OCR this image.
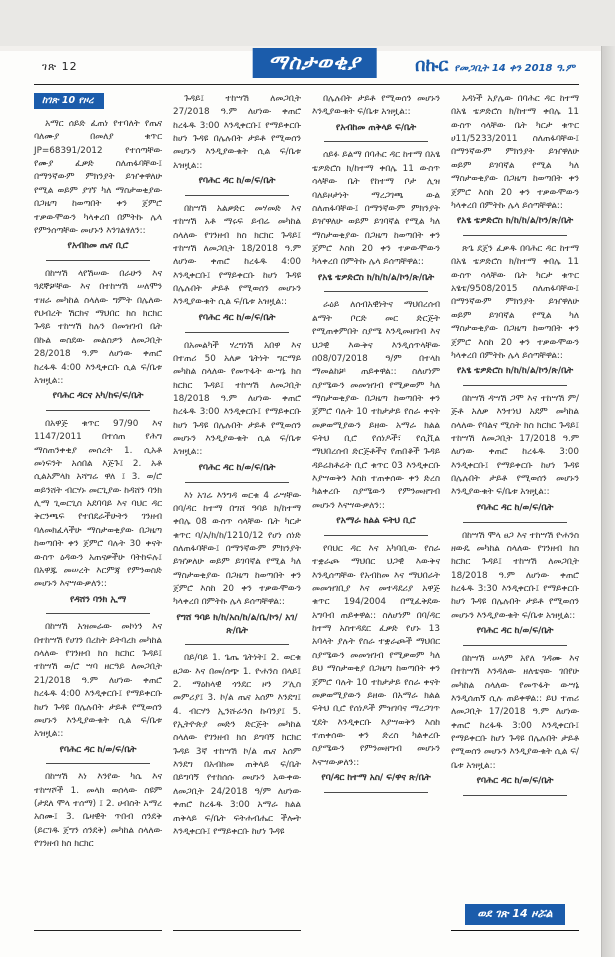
ገጽ 12	ማስታወቂያ	በኩር የመጋቢት 14 ቀን 2018 ዓ.ም
ከገጽ 10 የዞረ

አማር ሰይድ ፈጠነ የተባለት የጤና ባለሙያ በመለያ ቁጥር JP=68391/2012 የተሰጣቸው የሙያ ፈቃድ ስለጠፋባቸው፤ በማንኛውም ምክንያት ይዠቀዋለሁ የሚል ወይም ያገኘ ካለ ማስታወቂያው በጋዜጣ ከወጣበት ቀን ጀምሮ ተቃውሞውን ካላቀረበ በምትኩ ሌላ የምንሰጣቸው መሆኑን እንገልፃለን::

የአብከመ ጤና ቢሮ

በከሣሽ ላየሽሠው በራሁን እና ጓደኞቻቸው እና በተከሣሽ ሠለሞን ተዘራ መካከል ስላለው ግምት በሌለው የህብረት ሽርክና ማህበር ክስ ክርክር ጉዳይ ተከሣሽ ከሉን በመዝገብ ቤት በኩል ወስደው መልስዎን ለመጋቢት 28/2018 ዓ.ም ለሆነው ቀጠሮ ከረፋዱ 4:00 እንዲቀርቡ ሲል ፍ/ቤቱ አዝዟል::

የባሕር ዳርና አካ/ከፍ/ፍ/ቤት

በአዋጅ ቁጥር 97/90 እና 1147/2011 በተሰጠ የሕግ ማስጠንቀቂያ መሰረት 1. ሲአቶ መነፍንት አሰበል እጅጉ፤ 2. አቶ ሲልአምላክ አሻግሬ ዋለ ፤ 3. ወ/ሮ ወይንሸት ብርሃኑ መርጊያው ከዳሸን ባንክ ሊማ ጊወርጊስ አደባባይ እና ባህር ዳር ቅርንጫፍ የተበደራችሁትን ገንዘብ ባለመክፈላችሁ ማስታወቂያው በጋዜጣ ከወጣበት ቀን ጀምሮ ባሉት 30 ቀናት ውስጥ ዕዳውን አጠናቃችሁ ባትከፍሉ፤ በአዋጁ መሠረት እርምጃ የምንወስድ መሆኑን እናሣውቃለን::

የዳሸን ባንክ ኢማ

በከሣሽ አዝመራው መኮነን እና በተከሣሽ የሀገን በረከት ይትባረክ መካከል ስላለው የገንዘብ ክስ ክርክር ጉዳይ፤ ተከሣሽ ወ/ሮ ሣባ ዘርዓይ ለመጋቢት 21/2018 ዓ.ም ለሆነው ቀጠሮ ከረፋዱ 4:00 እንዲቀርቡ፤ የማይቀርቡ ከሆነ ጉዳዩ በሌሉበት ታይቶ የሚወሰን መሆኑን እንዲያውቁት ሲል ፍ/ቤቱ አዝዟል::

የባሕር ዳር ከ/ወ/ፍ/ቤት

በከሣሽ እነ እንየው ካሴ እና ተከሣሾች 1. መላክ ወሰላው ስዩም (ታደለ ሞላ ተሰማ) ፤ 2. ሀብስት አማረ አስሙ፤ 3. ቤዛዊት ጥበብ ሰንደቅ (ይርገዱ ጀግን ሰንደቅ) መካከል ስላለው የገንዘብ ክስ ክርክር

ጉዳይ፤ ተከሣሽ ለመጋቢት 27/2018 ዓ.ም ለሆነው ቀጠሮ ከረፋዱ 3:00 እንዲቀርቡ፤ የማይቀርቡ ከሆነ ጉዳዩ በሌሉበት ታይቶ የሚወሰን መሆኑን እንዲያውቁት ሲል ፍ/ቤቱ አዝዟል::

የባሕር ዳር ከ/ወ/ፍ/ቤት

በከሣሽ አልቃድር መሃመድ እና ተከሣሽ አቶ ማሩፍ ይብሬ መካከል ስላለው የገንዘብ ክስ ክርክር ጉዳይ፤ ተከሣሽ ለመጋቢት 18/2018 ዓ.ም ለሆነው ቀጠሮ ከረፋዱ 4:00 እንዲቀርቡ፤ የማይቀርቡ ከሆነ ጉዳዩ በሌሉበት ታይቶ የሚወሰን መሆኑን እንዲያውቁት ሲል ፍ/ቤቱ አዝዟል::

የባሕር ዳር ከ/ወ/ፍ/ቤት

በአመልካች ሃረግነሽ አበዋ እና በተጠሪ 50 አለቃ ጌትነት ግርማይ መካከል ስላለው የመጥፋት ውሣኔ ክስ ክርክር ጉዳይ፤ ተከሣሽ ለመጋቢት 18/2018 ዓ.ም ለሆነው ቀጠሮ ከረፋዱ 3:00 እንዲቀርቡ፤ የማይቀርቡ ከሆነ ጉዳዩ በሌሉበት ታይቶ የሚወሰን መሆኑን እንዲያውቁት ሲል ፍ/ቤቱ አዝዟል::

የባሕር ዳር ከ/ወ/ፍ/ቤት

እነ አገሬ እንግዳ ወርቁ 4 ራሣቸው በባ/ዳር ከተማ በግሸ ዓባይ ክ/ከተማ ቀበሌ 08 ውስጥ ሳላቸው ቤት ካርታ ቁጥር ባ/አ/ክ/ከ/1210/12 የሆነ ሰነድ ስለጠፋባቸው፤ በማንኛውም ምክንያት ይዠቃለሁ ወይም ይገባኛል የሚል ካለ ማስታወቂያው በጋዜጣ ከወጣበት ቀን ጀምሮ እስከ 20 ቀን ተቃውሞውን ካላቀረበ በምትኩ ሌላ ይሰጣቸዋል::

የግሸ ዓባይ ክ/ከ/አስ/ከ/ል/ቤ/ኮን/ አገ/ጽ/ቤት

በይ/ባይ 1. ጌጤ ጌትነት፤ 2. ወርቁ ፀጋው እና በመ/ሰጭ 1. ዮሐንስ በላይ፤ 2. ማዕከላዊ ጎንደር ዞን ፖሊስ መምሪያ፤ 3. ኮ/ል ጤና አሰም እንደግ፤ 4. ብርሃን ኢንሹራንስ ኩባንያ፤ 5. የኢትዮጵያ መድን ድርጅት መካከል ስላለው የገንዘብ ክስ ይግባኝ ክርክር ጉዳይ 3ኛ ተከሣሽ ኮ/ል ጤና አሰም እንደግ በአብከመ ጠቅላይ ፍ/ቤት በይግባኝ የተከሰሱ መሆኑን አውቀው ለመጋቢት 24/2018 ዓ/ም ለሆነው ቀጠሮ ከረፋዱ 3:00 አማራ ክልል ጠቅላይ ፍ/ቤት ፍትሐብሔር ችሎት እንዲቀርቡ፤ የማይቀርቡ ከሆነ ጉዳዩ

በሌሉበት ታይቶ የሚወሰን መሆኑን እንዲያውቁት ፍ/ቤቱ አዝዟል::

የአብከመ ጠቅላይ ፍ/ቤት

ሰይፉ ይልማ በባሕር ዳር ከተማ በአፄ ቴዎድሮስ ክ/ከተማ ቀበሌ 11 ውስጥ ሳላቸው ቤት የከተማ ቦታ ሊዝ ባለይዞታነት ማረጋገጫ ውል ስለጠፋባቸው፤ በማንኛውም ምክንያት ይዠዋለሁ ወይም ይገባኛል የሚል ካለ ማስታወቂያው በጋዜጣ ከወጣበት ቀን ጀምሮ እስከ 20 ቀን ተቃውሞውን ካላቀረበ በምትኩ ሌላ ይሰጣቸዋል::

የአፄ ቴዎድሮስ ክ/ከ/ከ/ል/ኮን/ጽ/ቤት

ራዕይ ለሰብአዊነትና ማህበረሰብ ልማት ቦርድ መር ድርጅት የሚጠቀምበት ስያሜ እንዲመዘገብ እና ህጋዊ እውቅና እንዲሰጥላቸው በ08/07/2018 ዓ/ም በተላከ ማመልከቻ ጠይቀዋል:: ስለሆነም ስያሜውን መመዝገብ የሚቃወም ካለ ማስታወቂያው በጋዜጣ ከወጣበት ቀን ጀምሮ ባሉት 10 ተከታታይ የስራ ቀናት መቃወሚያውን ይዘው አማራ ክልል ፍትህ ቢሮ የሰነዶች፣ የሲቪል ማህበረሰብ ድርጅቶችና የጠበቆች ጉዳይ ዳይሬክቶሬት ቢሮ ቁጥር 03 እንዲቀርቡ እያሣወቅን እስከ ተጠቀሰው ቀን ድረስ ካልቀረቡ ስያሜውን የምንመዘግብ መሆኑን እናሣውቃለን::

የአማራ ክልል ፍትህ ቢሮ

የባህር ዳር እና አካባቢው የስራ ተቋራጮ ማህበር ህጋዊ እውቅና እንዲሰጣቸው የአብከመ እና ማህበራት መመዝገቢያ እና መተዳደሪያ አዋጅ ቁጥር 194/2004 በሚፈቅደው አግባብ ጠይቀዋል:: ስለሆነም በባ/ዳር ከተማ አስተዳደር ፈቃድ የሆኑ 13 አባላት ያሉት የስራ ተቋራጮች ማህበር ስያሜውን መመዝገብ የሚቃወም ካለ ይህ ማስታወቂያ በጋዜጣ ከወጣበት ቀን ጀምሮ ባሉት 10 ተከታታይ የስራ ቀናት መቃወሚያውን ይዘው በአማራ ክልል ፍትህ ቢሮ የሰነዶች ምዝገባና ማረጋገጥ ሂደት እንዲቀርቡ እያሣወቅን እስከ ተጠቀሰው ቀን ድረስ ካልቀረቡ ስያሜውን የምንመዘግብ መሆኑን እናሣውቃለን::

የባ/ዳር ከተማ አስ/ ፍ/ዋና ጽ/ቤት

አዳነች አያሌው በባሕር ዳር ከተማ በአፄ ቴዎድሮስ ክ/ከተማ ቀበሌ 11 ውስጥ ሳላቸው ቤት ካርታ ቁጥር ሀ11/5233/2011 ስለጠፋባቸው፤ በማንኛውም ምክንያት ይዠዋለሁ ወይም ይገባኛል የሚል ካለ ማስታወቂያው በጋዜጣ ከወጣበት ቀን ጀምሮ እስከ 20 ቀን ተቃውሞውን ካላቀረበ በምትኩ ሌላ ይሰጣቸዋል::

የአፄ ቴዎድሮስ ክ/ከ/ከ/ል/ኮን/ጽ/ቤት

ጽጌ ደጀን ፈቃዱ በባሕር ዳር ከተማ በአፄ ቴዎድሮስ ክ/ከተማ ቀበሌ 11 ውስጥ ሳላቸው ቤት ካርታ ቁጥር አፄቴ/9508/2015 ስለጠፋባቸው፤ በማንኛውም ምክንያት ይዠዋለሁ ወይም ይገባኛል የሚል ካለ ማስታወቂያው በጋዜጣ ከወጣበት ቀን ጀምሮ እስከ 20 ቀን ተቃውሞውን ካላቀረበ በምትኩ ሌላ ይሰጣቸዋል::

የአፄ ቴዎድሮስ ክ/ከ/ከ/ል/ኮን/ጽ/ቤት

በከሣሽ ዳሣሽ ጋሞ እና ተከሣሽ ም/ጅቶ አለቃ እንተነህ አደም መካከል ስላለው የባልና ሚስት ክስ ክርክር ጉዳይ፤ ተከሣሽ ለመጋቢት 17/2018 ዓ.ም ለሆነው ቀጠሮ ከረፋዱ 3:00 እንዲቀርቡ፤ የማይቀርቡ ከሆነ ጉዳዩ በሌሉበት ታይቶ የሚወሰን መሆኑን እንዲያውቁት ፍ/ቤቱ አዝዟል::

የባሕር ዳር ከ/ወ/ፍ/ቤት

በከሣሽ ሞላ ፀጋ እና ተከሣሽ ዮሐንስ ዘውዴ መካከል ስላለው የገንዘብ ክስ ክርክር ጉዳይ፤ ተከሣሽ ለመጋቢት 18/2018 ዓ.ም ለሆነው ቀጠሮ ከረፋዱ 3:30 እንዲቀርቡ፤ የማይቀርቡ ከሆነ ጉዳዩ በሌሉበት ታይቶ የሚወሰን መሆኑን እንዲያውቁት ፍ/ቤቱ አዝዟል::

የባሕር ዳር ከ/ወ/ፍ/ቤት

በከሣሽ ሠላም አየለ ገዳሙ እና በተከሣሽ እንዳለው ዘለቴናው ገበየሁ መካከል ስላለው የመጥፋት ውሣኔ እንዲሰጠኝ ሲሉ ጠይቀዋል:: ይህ ተጠሪ ለመጋቢት 17/2018 ዓ.ም ለሆነው ቀጠሮ ከረፋዱ 3:00 እንዲቀርቡ፤ የማይቀርቡ ከሆነ ጉዳዩ በሌሉበት ታይቶ የሚወሰን መሆኑን እንዲያውቁት ሲል ፍ/ቤቱ አዝዟል::

የባሕር ዳር ከ/ወ/ፍ/ቤት

ወደ ገጽ 14 ዞሯል
